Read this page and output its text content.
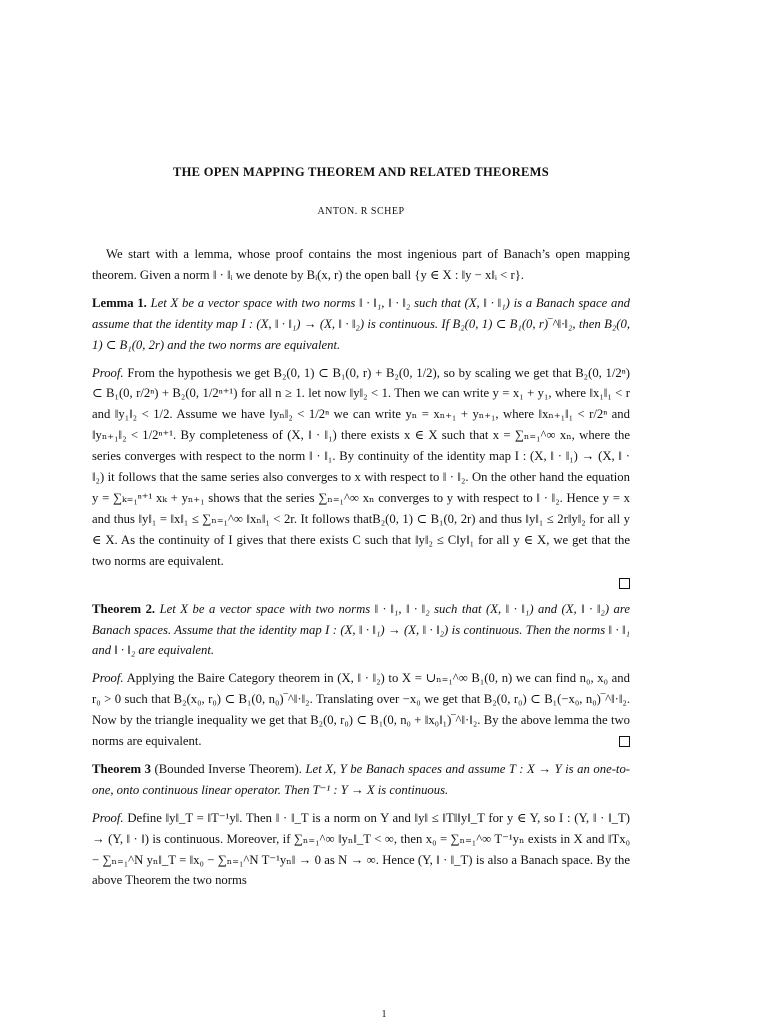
THE OPEN MAPPING THEOREM AND RELATED THEOREMS
ANTON. R SCHEP

We start with a lemma, whose proof contains the most ingenious part of Banach’s open mapping theorem. Given a norm ‖ · ‖ᵢ we denote by Bᵢ(x, r) the open ball {y ∈ X : ‖y − x‖ᵢ < r}.

Lemma 1. Let X be a vector space with two norms ‖ · ‖₁, ‖ · ‖₂ such that (X, ‖ · ‖₁) is a Banach space and assume that the identity map I : (X, ‖ · ‖₁) → (X, ‖ · ‖₂) is continuous. If B₂(0, 1) ⊂ B₁(0, r)‾^‖·‖₂, then B₂(0, 1) ⊂ B₁(0, 2r) and the two norms are equivalent.

Proof. From the hypothesis we get B₂(0, 1) ⊂ B₁(0, r) + B₂(0, 1/2), so by scaling we get that B₂(0, 1/2ⁿ) ⊂ B₁(0, r/2ⁿ) + B₂(0, 1/2ⁿ⁺¹) for all n ≥ 1. let now ‖y‖₂ < 1. Then we can write y = x₁ + y₁, where ‖x₁‖₁ < r and ‖y₁‖₂ < 1/2. Assume we have ‖yₙ‖₂ < 1/2ⁿ we can write yₙ = xₙ₊₁ + yₙ₊₁, where ‖xₙ₊₁‖₁ < r/2ⁿ and ‖yₙ₊₁‖₂ < 1/2ⁿ⁺¹. By completeness of (X, ‖ · ‖₁) there exists x ∈ X such that x = ∑ₙ₌₁^∞ xₙ, where the series converges with respect to the norm ‖ · ‖₁. By continuity of the identity map I : (X, ‖ · ‖₁) → (X, ‖ · ‖₂) it follows that the same series also converges to x with respect to ‖ · ‖₂. On the other hand the equation y = ∑ₖ₌₁ⁿ⁺¹ xₖ + yₙ₊₁ shows that the series ∑ₙ₌₁^∞ xₙ converges to y with respect to ‖ · ‖₂. Hence y = x and thus ‖y‖₁ = ‖x‖₁ ≤ ∑ₙ₌₁^∞ ‖xₙ‖₁ < 2r. It follows thatB₂(0, 1) ⊂ B₁(0, 2r) and thus ‖y‖₁ ≤ 2r‖y‖₂ for all y ∈ X. As the continuity of I gives that there exists C such that ‖y‖₂ ≤ C‖y‖₁ for all y ∈ X, we get that the two norms are equivalent.

Theorem 2. Let X be a vector space with two norms ‖ · ‖₁, ‖ · ‖₂ such that (X, ‖ · ‖₁) and (X, ‖ · ‖₂) are Banach spaces. Assume that the identity map I : (X, ‖ · ‖₁) → (X, ‖ · ‖₂) is continuous. Then the norms ‖ · ‖₁ and ‖ · ‖₂ are equivalent.

Proof. Applying the Baire Category theorem in (X, ‖ · ‖₂) to X = ∪ₙ₌₁^∞ B₁(0, n) we can find n₀, x₀ and r₀ > 0 such that B₂(x₀, r₀) ⊂ B₁(0, n₀)‾^‖·‖₂. Translating over −x₀ we get that B₂(0, r₀) ⊂ B₁(−x₀, n₀)‾^‖·‖₂. Now by the triangle inequality we get that B₂(0, r₀) ⊂ B₁(0, n₀ + ‖x₀‖₁)‾^‖·‖₂. By the above lemma the two norms are equivalent.

Theorem 3 (Bounded Inverse Theorem). Let X, Y be Banach spaces and assume T : X → Y is an one-to-one, onto continuous linear operator. Then T⁻¹ : Y → X is continuous.

Proof. Define ‖y‖_T = ‖T⁻¹y‖. Then ‖ · ‖_T is a norm on Y and ‖y‖ ≤ ‖T‖‖y‖_T for y ∈ Y, so I : (Y, ‖ · ‖_T) → (Y, ‖ · ‖) is continuous. Moreover, if ∑ₙ₌₁^∞ ‖yₙ‖_T < ∞, then x₀ = ∑ₙ₌₁^∞ T⁻¹yₙ exists in X and ‖Tx₀ − ∑ₙ₌₁^N yₙ‖_T = ‖x₀ − ∑ₙ₌₁^N T⁻¹yₙ‖ → 0 as N → ∞. Hence (Y, ‖ · ‖_T) is also a Banach space. By the above Theorem the two norms

1
